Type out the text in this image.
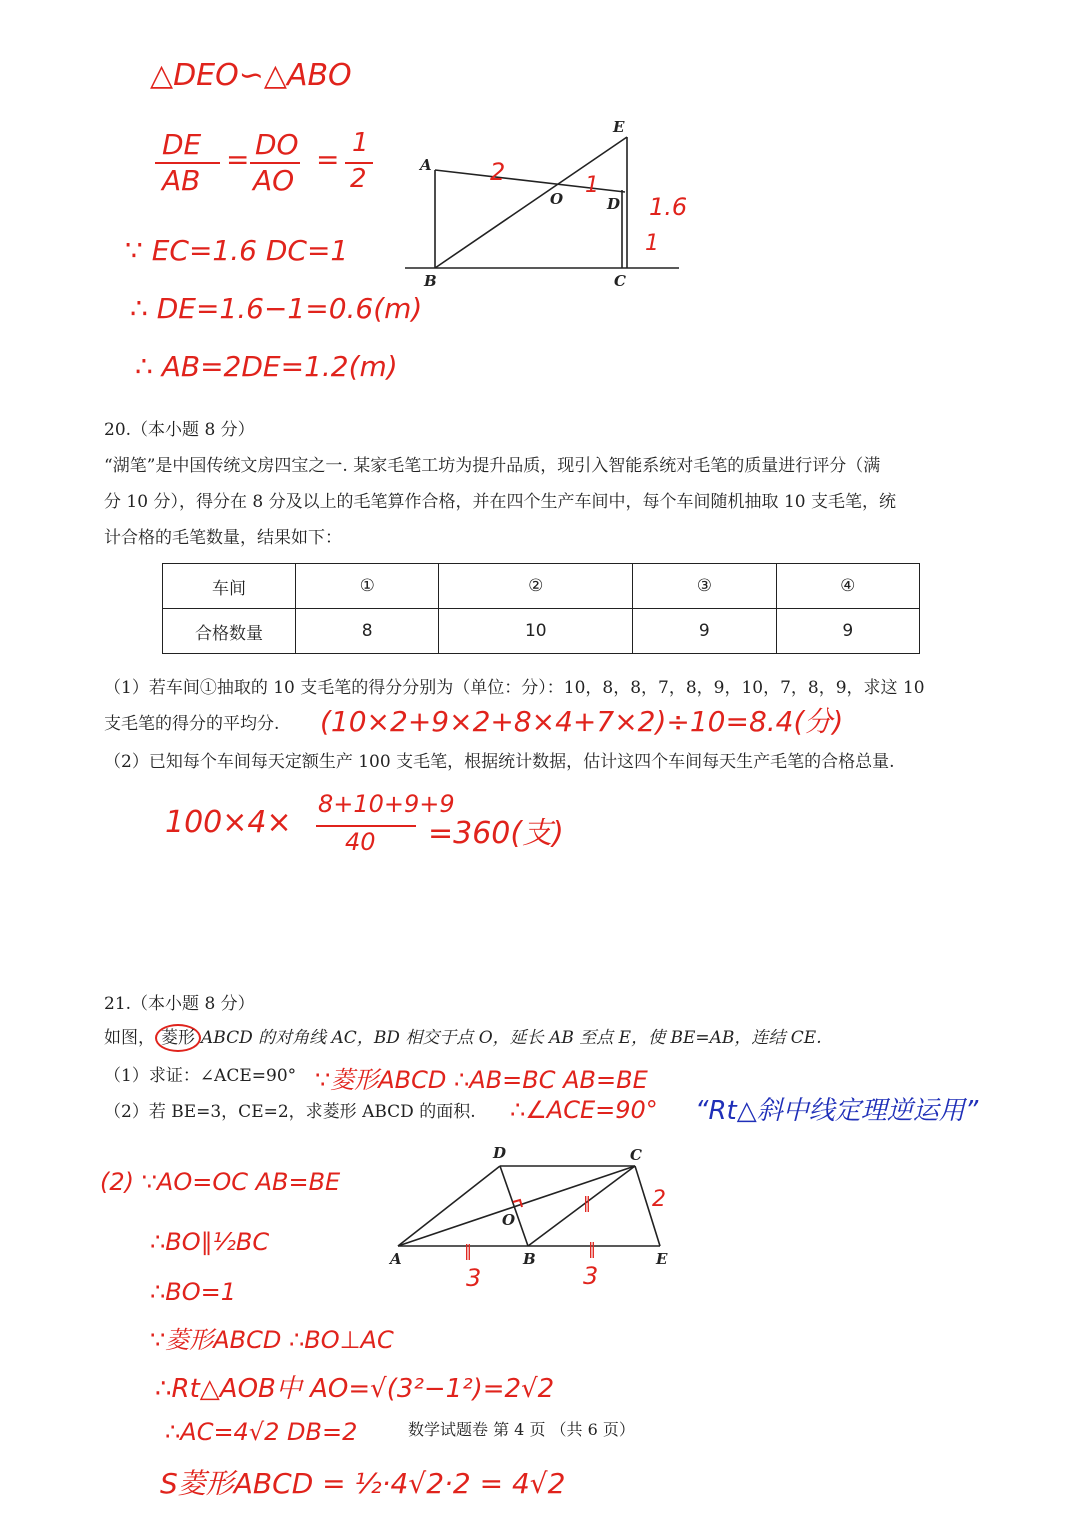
△DEO∽△ABO
DE
AB
= DO
AO
= 1
2
∵ EC=1.6 DC=1
∴ DE=1.6−1=0.6(m)
∴ AB=2DE=1.2(m)
E
A
O	D
B	C
2	1
1.6
1
20.（本小题 8 分）
“湖笔”是中国传统文房四宝之一. 某家毛笔工坊为提升品质，现引入智能系统对毛笔的质量进行评分（满
分 10 分），得分在 8 分及以上的毛笔算作合格，并在四个生产车间中，每个车间随机抽取 10 支毛笔，统
计合格的毛笔数量，结果如下：
车间	①	②	③	④
合格数量	8	10	9	9
（1）若车间①抽取的 10 支毛笔的得分分别为（单位：分）：10，8，8，7，8，9，10，7，8，9，求这 10
支毛笔的得分的平均分. (10×2+9×2+8×4+7×2)÷10=8.4(分)
（2）已知每个车间每天定额生产 100 支毛笔，根据统计数据，估计这四个车间每天生产毛笔的合格总量.
100×4×
8+10+9+9
40 =360(支)
21.（本小题 8 分）
如图， 菱形 ABCD 的对角线 AC，BD 相交于点 O，延长 AB 至点 E，使 BE=AB，连结 CE.
（1）求证：∠ACE=90° ∵菱形ABCD ∴AB=BC AB=BE
（2）若 BE=3，CE=2，求菱形 ABCD 的面积. ∴∠ACE=90° “Rt△斜中线定理逆运用”
D	C
O
A	B	E
‖	‖
‖
3	3
2
(2) ∵AO=OC AB=BE
∴BO∥½BC
∴BO=1
∵菱形ABCD ∴BO⊥AC
∴Rt△AOB中 AO=√(3²−1²)=2√2
∴AC=4√2 DB=2
S菱形ABCD = ½·4√2·2 = 4√2
数学试题卷 第 4 页 （共 6 页）
